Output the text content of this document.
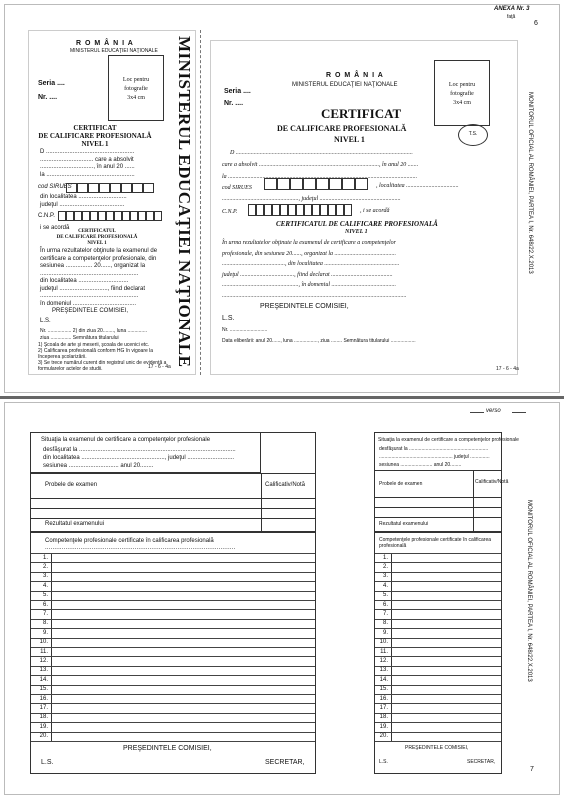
ANEXA Nr. 3
faţă
6
MONITORUL OFICIAL AL ROMÂNIEI, PARTEA I, Nr. 648/22.X.2013
R O M Â N I A
MINISTERUL EDUCAŢIEI NAŢIONALE
Seria ....
Nr. ....
Loc pentru
fotografie
3x4 cm
CERTIFICAT
DE CALIFICARE PROFESIONALĂ
NIVEL 1
D .....................................................
................................ care a absolvit
................................, în anul 20 ......
la .....................................................
cod SIRUES
din localitatea .............................
judeţul .......................................
C.N.P.
i se acordă
CERTIFICATUL
DE CALIFICARE PROFESIONALĂ
NIVEL 1
În urma rezultatelor obţinute la examenul de
certificare a competenţelor profesionale, din
sesiunea ................ 20......, organizat la
...........................................................
din localitatea ..............................
judeţul ............................., fiind declarat
...........................................................
în domeniul ......................................
PREŞEDINTELE COMISIEI,
L.S.
Nr. ................. 2) din ziua 20........, luna ..............
ziua ............... Semnătura titularului
1) Şcoala de arte şi meserii, şcoala de ucenici etc.
2) Calificarea profesională conform HG în vigoare la începerea școlarizării.
3) Se trece numărul curent din registrul unic de evidenţă a formularelor actelor de studii.	17 - 6 - 4a MINISTERUL EDUCAŢIEI NAŢIONALE	R O M Â N I A
MINISTERUL EDUCAŢIEI NAŢIONALE
Seria ....
Nr. ....
Loc pentru
fotografie
3x4 cm
CERTIFICAT
DE CALIFICARE PROFESIONALĂ
NIVEL 1
T.S.
D ......................................................................................................................
care a absolvit ................................................................................, în anul 20 .......
la ..............................................................................................................................
cod SIRUES	, localitatea ...................................
..................................................., judeţul ......................................................
C.N.P.	, i se acordă
CERTIFICATUL DE CALIFICARE PROFESIONALĂ
NIVEL 1
În urma rezultatelor obţinute la examenul de certificare a competenţelor
profesionale, din sesiunea 20......, organizat la .........................................
.........................................., din localitatea ..................................................
judeţul ...................................., fiind declarat .........................................
..................................................., în domeniul ...........................................
...........................................................................................................................
PREŞEDINTELE COMISIEI,
L.S.
Nr. ...........................
Data eliberării: anul 20......, luna ................., ziua ........ Semnătura titularului ..................
17 - 6 - 4a
verso
MONITORUL OFICIAL AL ROMÂNIEI, PARTEA I, Nr. 648/22.X.2013
7
Situaţia la examenul de certificare a competenţelor profesionale
desfăşurat la ..............................................................................................
din localitatea .................................................., judeţul ............................
sesiunea .............................. anul 20........
Probele de examen	Calificativ/Notă
Rezultatul examenului
Competenţele profesionale certificate în calificarea profesională
......................................................................................................
1.
2.
3.
4.
5.
6.
7.
8.
9.
10.
11.
12.
13.
14.
15.
16.
17.
18.
19.
20.
PREŞEDINTELE COMISIEI,
L.S.	SECRETAR,
Situaţia la examenul de certificare a competenţelor profesionale
desfăşurat la .........................................................
..................................................... judeţul ..............
sesiunea ....................... anul 20........
Probele de examen	Calificativ/Notă
Rezultatul examenului
Competenţele profesionale certificate în calificarea profesională
1.
2.
3.
4.
5.
6.
7.
8.
9.
10.
11.
12.
13.
14.
15.
16.
17.
18.
19.
20.
PREŞEDINTELE COMISIEI,
L.S.	SECRETAR,
